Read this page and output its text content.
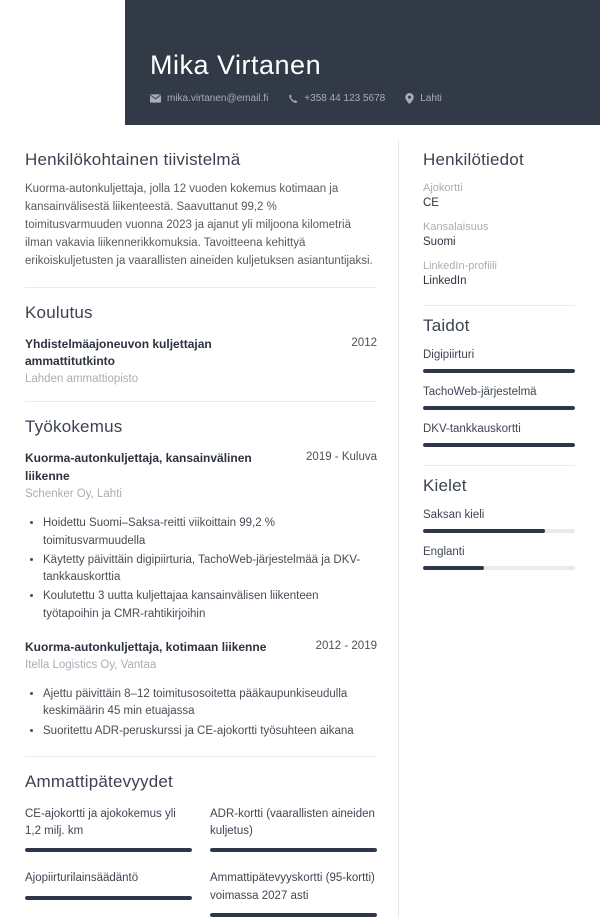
Mika Virtanen
mika.virtanen@email.fi	+358 44 123 5678	Lahti
Henkilökohtainen tiivistelmä

Kuorma-autonkuljettaja, jolla 12 vuoden kokemus kotimaan ja kansainvälisestä liikenteestä. Saavuttanut 99,2 % toimitusvarmuuden vuonna 2023 ja ajanut yli miljoona kilometriä ilman vakavia liikennerikkomuksia. Tavoitteena kehittyä erikoiskuljetusten ja vaarallisten aineiden kuljetuksen asiantuntijaksi.

Koulutus
Yhdistelmäajoneuvon kuljettajan ammattitutkinto
2012
Lahden ammattiopisto
Työkokemus
Kuorma-autonkuljettaja, kansainvälinen liikenne
2019 - Kuluva
Schenker Oy, Lahti
• Hoidettu Suomi–Saksa-reitti viikoittain 99,2 % toimitusvarmuudella
• Käytetty päivittäin digipiirturia, TachoWeb-järjestelmää ja DKV-tankkauskorttia
• Koulutettu 3 uutta kuljettajaa kansainvälisen liikenteen työtapoihin ja CMR-rahtikirjoihin
Kuorma-autonkuljettaja, kotimaan liikenne	2012 - 2019
Itella Logistics Oy, Vantaa
• Ajettu päivittäin 8–12 toimitusosoitetta pääkaupunkiseudulla keskimäärin 45 min etuajassa
• Suoritettu ADR-peruskurssi ja CE-ajokortti työsuhteen aikana
Ammattipätevyydet
CE-ajokortti ja ajokokemus yli 1,2 milj. km
ADR-kortti (vaarallisten aineiden kuljetus)
Ajopiirturilainsäädäntö	Ammattipätevyyskortti (95-kortti) voimassa 2027 asti
Henkilötiedot
Ajokortti
CE
Kansalaisuus
Suomi
LinkedIn-profiili
LinkedIn
Taidot
Digipiirturi
TachoWeb-järjestelmä
DKV-tankkauskortti
Kielet
Saksan kieli
Englanti
